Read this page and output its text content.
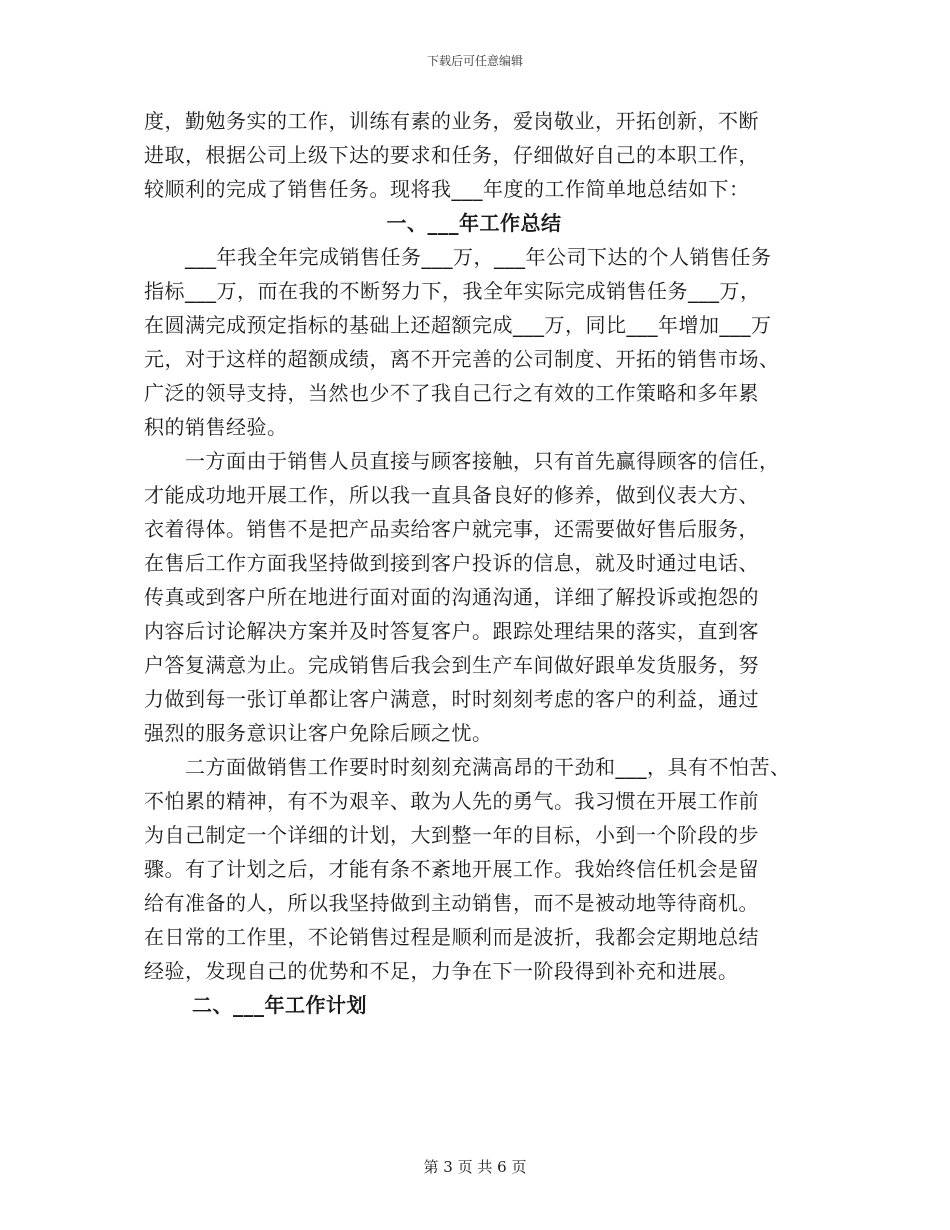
下载后可任意编辑
度，勤勉务实的工作，训练有素的业务，爱岗敬业，开拓创新，不断
进取，根据公司上级下达的要求和任务，仔细做好自己的本职工作，
较顺利的完成了销售任务。现将我___年度的工作简单地总结如下：
一、___年工作总结
___年我全年完成销售任务___万，___年公司下达的个人销售任务
指标___万，而在我的不断努力下，我全年实际完成销售任务___万，
在圆满完成预定指标的基础上还超额完成___万，同比___年增加___万
元，对于这样的超额成绩，离不开完善的公司制度、开拓的销售市场、
广泛的领导支持，当然也少不了我自己行之有效的工作策略和多年累
积的销售经验。
一方面由于销售人员直接与顾客接触，只有首先赢得顾客的信任，
才能成功地开展工作，所以我一直具备良好的修养，做到仪表大方、
衣着得体。销售不是把产品卖给客户就完事，还需要做好售后服务，
在售后工作方面我坚持做到接到客户投诉的信息，就及时通过电话、
传真或到客户所在地进行面对面的沟通沟通，详细了解投诉或抱怨的
内容后讨论解决方案并及时答复客户。跟踪处理结果的落实，直到客
户答复满意为止。完成销售后我会到生产车间做好跟单发货服务，努
力做到每一张订单都让客户满意，时时刻刻考虑的客户的利益，通过
强烈的服务意识让客户免除后顾之忧。
二方面做销售工作要时时刻刻充满高昂的干劲和___，具有不怕苦、
不怕累的精神，有不为艰辛、敢为人先的勇气。我习惯在开展工作前
为自己制定一个详细的计划，大到整一年的目标，小到一个阶段的步
骤。有了计划之后，才能有条不紊地开展工作。我始终信任机会是留
给有准备的人，所以我坚持做到主动销售，而不是被动地等待商机。
在日常的工作里，不论销售过程是顺利而是波折，我都会定期地总结
经验，发现自己的优势和不足，力争在下一阶段得到补充和进展。
二、___年工作计划
第 3 页 共 6 页
